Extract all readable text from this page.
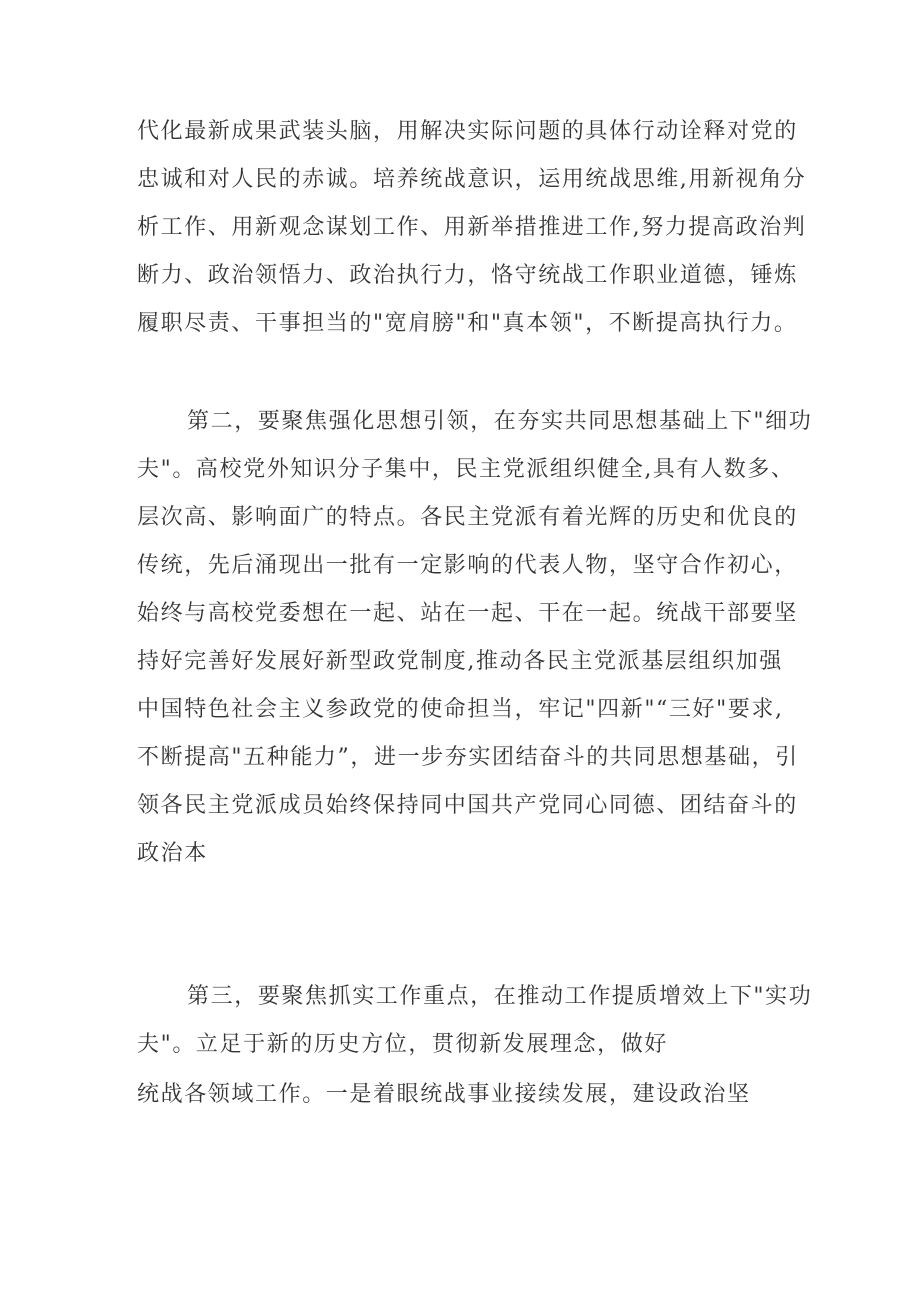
代化最新成果武装头脑，用解决实际问题的具体行动诠释对党的
忠诚和对人民的赤诚。培养统战意识，运用统战思维,用新视角分
析工作、用新观念谋划工作、用新举措推进工作,努力提高政治判
断力、政治领悟力、政治执行力，恪守统战工作职业道德，锤炼
履职尽责、干事担当的"宽肩膀"和"真本领"，不断提高执行力。
第二，要聚焦强化思想引领，在夯实共同思想基础上下"细功
夫"。高校党外知识分子集中，民主党派组织健全,具有人数多、
层次高、影响面广的特点。各民主党派有着光辉的历史和优良的
传统，先后涌现出一批有一定影响的代表人物，坚守合作初心，
始终与高校党委想在一起、站在一起、干在一起。统战干部要坚
持好完善好发展好新型政党制度,推动各民主党派基层组织加强
中国特色社会主义参政党的使命担当，牢记"四新"“三好"要求,
不断提高"五种能力”，进一步夯实团结奋斗的共同思想基础，引
领各民主党派成员始终保持同中国共产党同心同德、团结奋斗的
政治本
第三，要聚焦抓实工作重点，在推动工作提质增效上下"实功
夫"。立足于新的历史方位，贯彻新发展理念，做好
统战各领域工作。一是着眼统战事业接续发展，建设政治坚
